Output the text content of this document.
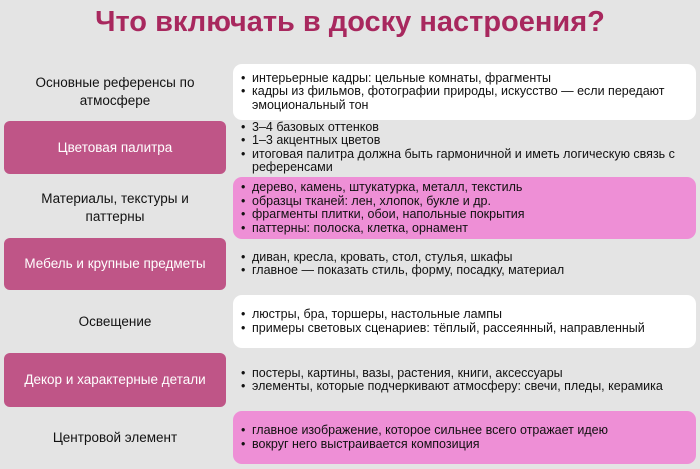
Что включать в доску настроения?
Основные референсы по атмосфере
• интерьерные кадры: цельные комнаты, фрагменты
• кадры из фильмов, фотографии природы, искусство — если передают эмоциональный тон
Цветовая палитра
• 3–4 базовых оттенков
• 1–3 акцентных цветов
• итоговая палитра должна быть гармоничной и иметь логическую связь с референсами
Материалы, текстуры и паттерны
• дерево, камень, штукатурка, металл, текстиль
• образцы тканей: лен, хлопок, букле и др.
• фрагменты плитки, обои, напольные покрытия
• паттерны: полоска, клетка, орнамент
Мебель и крупные предметы	• диван, кресла, кровать, стол, стулья, шкафы
• главное — показать стиль, форму, посадку, материал
Освещение	• люстры, бра, торшеры, настольные лампы
• примеры световых сценариев: тёплый, рассеянный, направленный
Декор и характерные детали	• постеры, картины, вазы, растения, книги, аксессуары
• элементы, которые подчеркивают атмосферу: свечи, пледы, керамика
Центровой элемент	• главное изображение, которое сильнее всего отражает идею
• вокруг него выстраивается композиция
